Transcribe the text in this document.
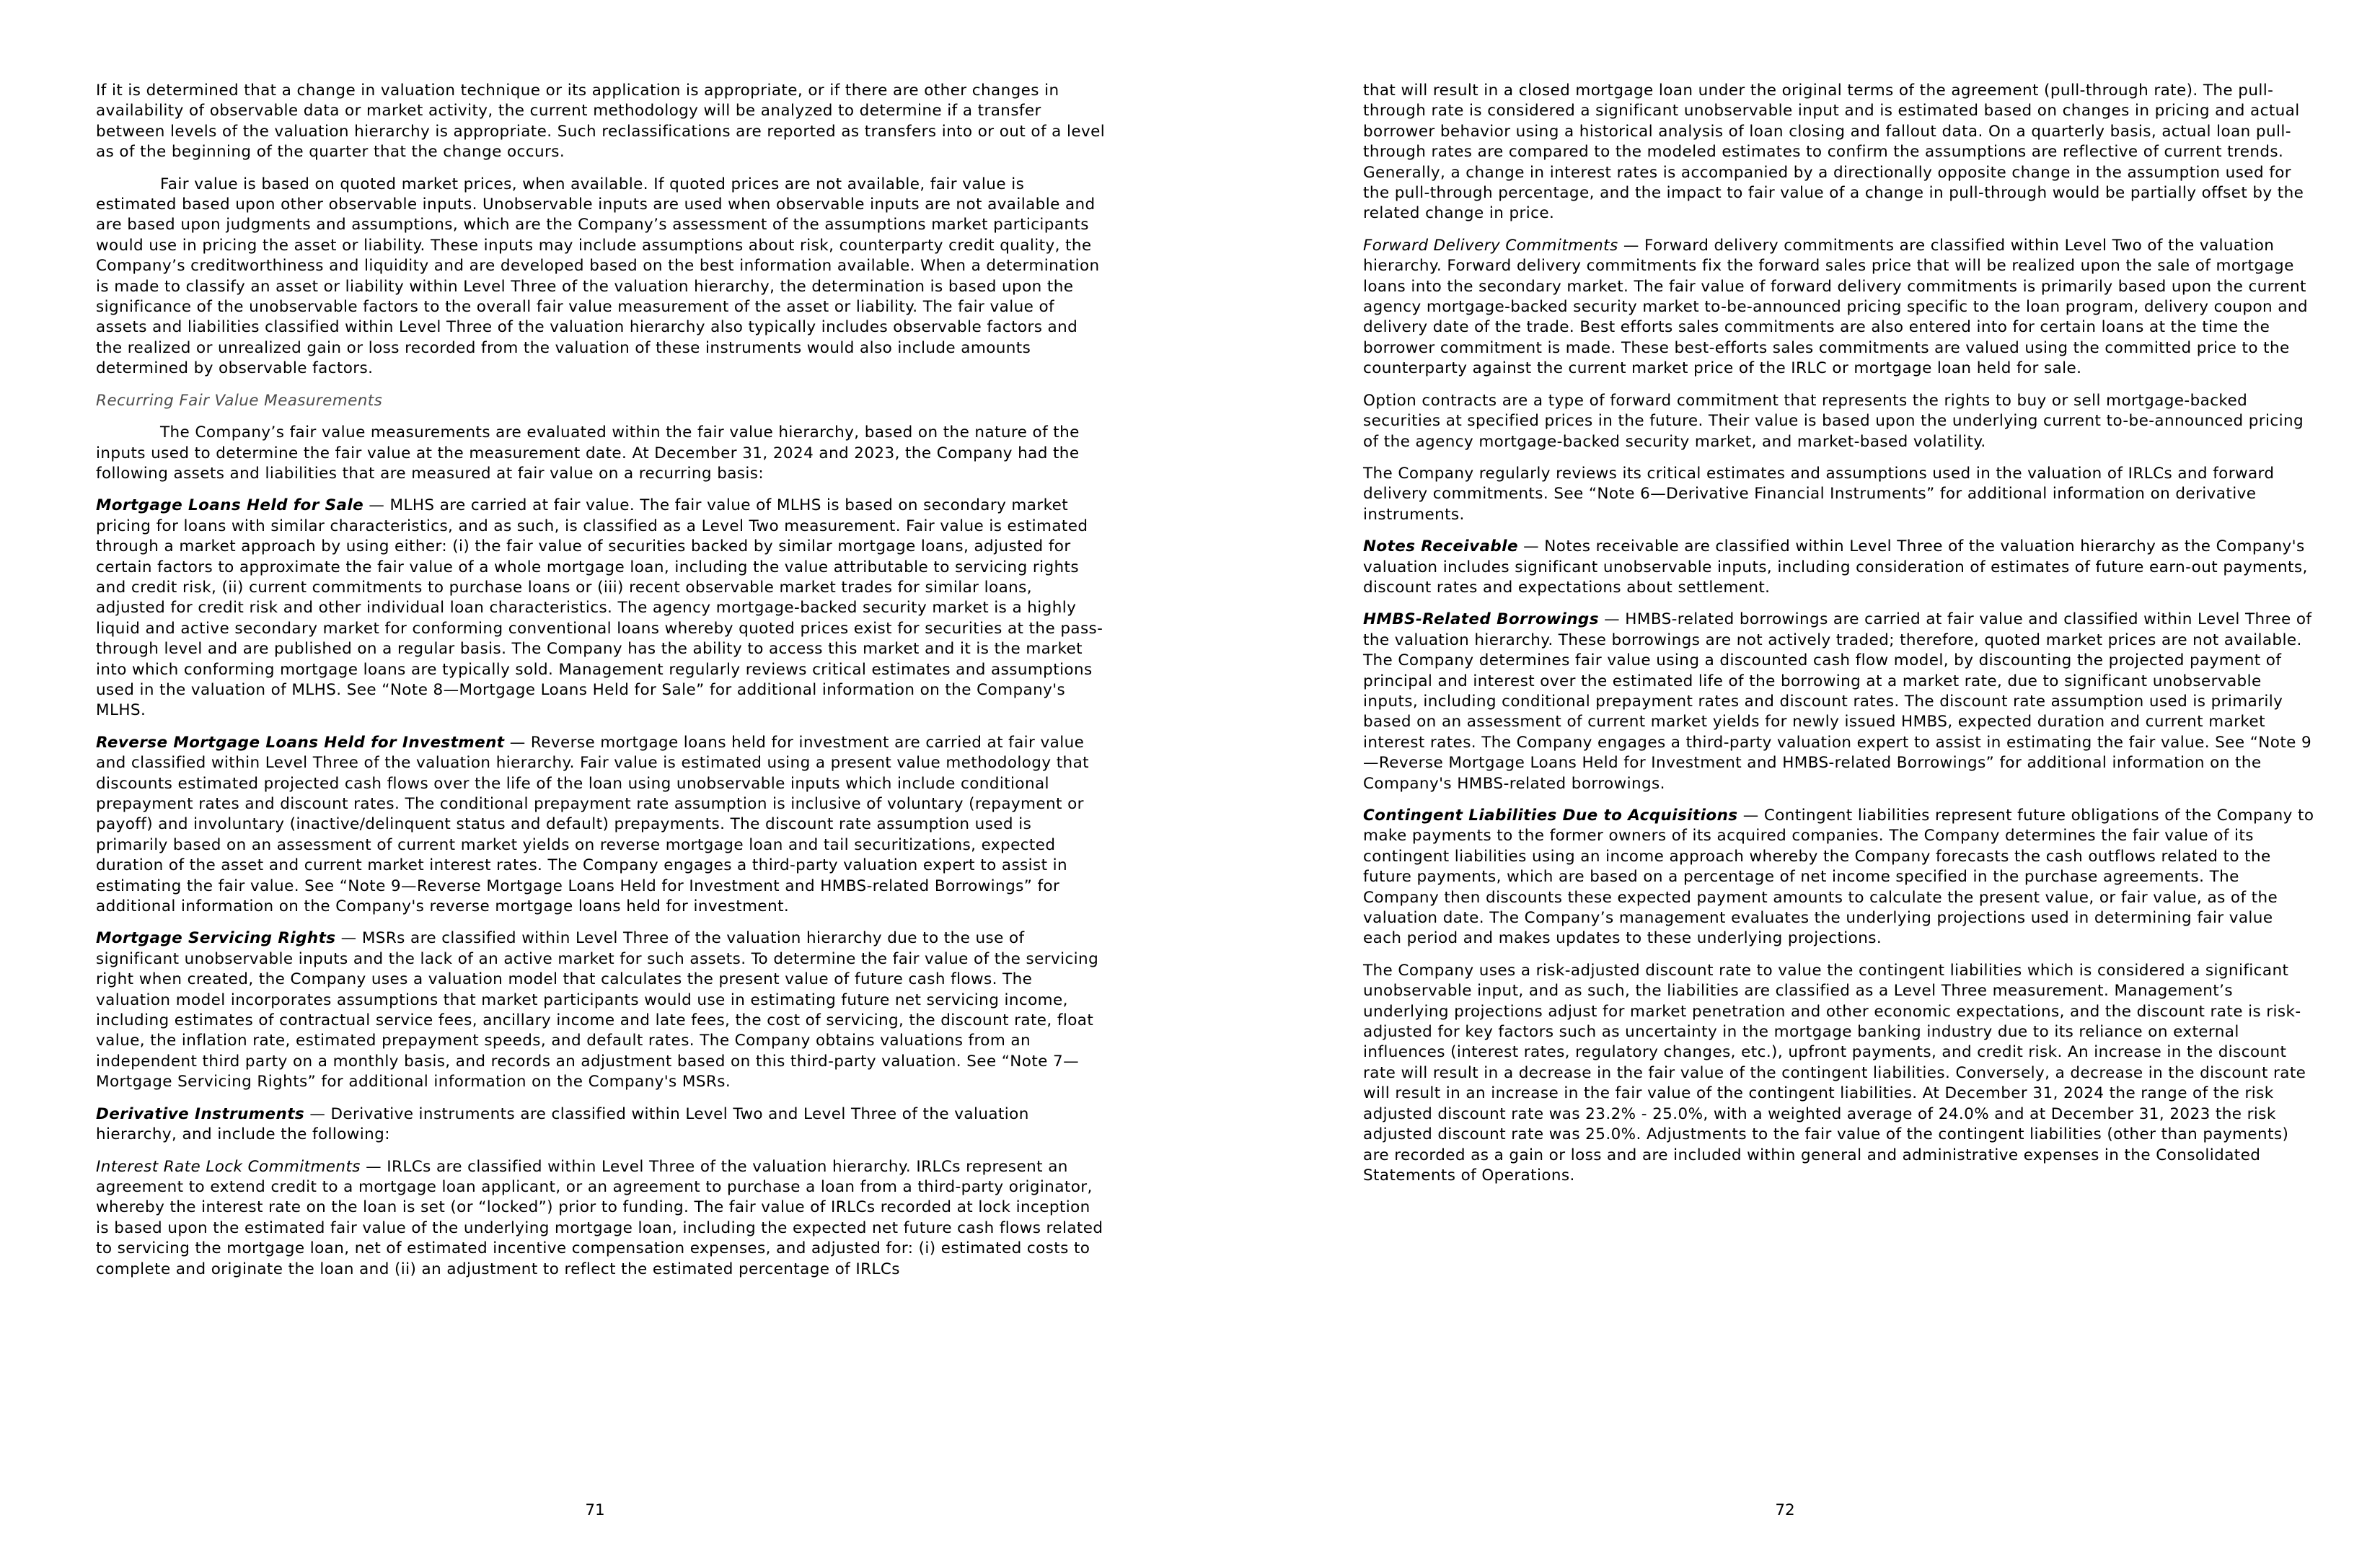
If it is determined that a change in valuation technique or its application is appropriate, or if there are other changes in availability of observable data or market activity, the current methodology will be analyzed to determine if a transfer between levels of the valuation hierarchy is appropriate. Such reclassifications are reported as transfers into or out of a level as of the beginning of the quarter that the change occurs.

Fair value is based on quoted market prices, when available. If quoted prices are not available, fair value is estimated based upon other observable inputs. Unobservable inputs are used when observable inputs are not available and are based upon judgments and assumptions, which are the Company’s assessment of the assumptions market participants would use in pricing the asset or liability. These inputs may include assumptions about risk, counterparty credit quality, the Company’s creditworthiness and liquidity and are developed based on the best information available. When a determination is made to classify an asset or liability within Level Three of the valuation hierarchy, the determination is based upon the significance of the unobservable factors to the overall fair value measurement of the asset or liability. The fair value of assets and liabilities classified within Level Three of the valuation hierarchy also typically includes observable factors and the realized or unrealized gain or loss recorded from the valuation of these instruments would also include amounts determined by observable factors.

Recurring Fair Value Measurements

The Company’s fair value measurements are evaluated within the fair value hierarchy, based on the nature of the inputs used to determine the fair value at the measurement date. At December 31, 2024 and 2023, the Company had the following assets and liabilities that are measured at fair value on a recurring basis:

Mortgage Loans Held for Sale — MLHS are carried at fair value. The fair value of MLHS is based on secondary market pricing for loans with similar characteristics, and as such, is classified as a Level Two measurement. Fair value is estimated through a market approach by using either: (i) the fair value of securities backed by similar mortgage loans, adjusted for certain factors to approximate the fair value of a whole mortgage loan, including the value attributable to servicing rights and credit risk, (ii) current commitments to purchase loans or (iii) recent observable market trades for similar loans, adjusted for credit risk and other individual loan characteristics. The agency mortgage-backed security market is a highly liquid and active secondary market for conforming conventional loans whereby quoted prices exist for securities at the pass-through level and are published on a regular basis. The Company has the ability to access this market and it is the market into which conforming mortgage loans are typically sold. Management regularly reviews critical estimates and assumptions used in the valuation of MLHS. See “Note 8—Mortgage Loans Held for Sale” for additional information on the Company's MLHS.

Reverse Mortgage Loans Held for Investment — Reverse mortgage loans held for investment are carried at fair value and classified within Level Three of the valuation hierarchy. Fair value is estimated using a present value methodology that discounts estimated projected cash flows over the life of the loan using unobservable inputs which include conditional prepayment rates and discount rates. The conditional prepayment rate assumption is inclusive of voluntary (repayment or payoff) and involuntary (inactive/delinquent status and default) prepayments. The discount rate assumption used is primarily based on an assessment of current market yields on reverse mortgage loan and tail securitizations, expected duration of the asset and current market interest rates. The Company engages a third-party valuation expert to assist in estimating the fair value. See “Note 9—Reverse Mortgage Loans Held for Investment and HMBS-related Borrowings” for additional information on the Company's reverse mortgage loans held for investment.

Mortgage Servicing Rights — MSRs are classified within Level Three of the valuation hierarchy due to the use of significant unobservable inputs and the lack of an active market for such assets. To determine the fair value of the servicing right when created, the Company uses a valuation model that calculates the present value of future cash flows. The valuation model incorporates assumptions that market participants would use in estimating future net servicing income, including estimates of contractual service fees, ancillary income and late fees, the cost of servicing, the discount rate, float value, the inflation rate, estimated prepayment speeds, and default rates. The Company obtains valuations from an independent third party on a monthly basis, and records an adjustment based on this third-party valuation. See “Note 7—Mortgage Servicing Rights” for additional information on the Company's MSRs.

Derivative Instruments — Derivative instruments are classified within Level Two and Level Three of the valuation hierarchy, and include the following:

Interest Rate Lock Commitments — IRLCs are classified within Level Three of the valuation hierarchy. IRLCs represent an agreement to extend credit to a mortgage loan applicant, or an agreement to purchase a loan from a third-party originator, whereby the interest rate on the loan is set (or “locked”) prior to funding. The fair value of IRLCs recorded at lock inception is based upon the estimated fair value of the underlying mortgage loan, including the expected net future cash flows related to servicing the mortgage loan, net of estimated incentive compensation expenses, and adjusted for: (i) estimated costs to complete and originate the loan and (ii) an adjustment to reflect the estimated percentage of IRLCs

71

that will result in a closed mortgage loan under the original terms of the agreement (pull-through rate). The pull-through rate is considered a significant unobservable input and is estimated based on changes in pricing and actual borrower behavior using a historical analysis of loan closing and fallout data. On a quarterly basis, actual loan pull-through rates are compared to the modeled estimates to confirm the assumptions are reflective of current trends. Generally, a change in interest rates is accompanied by a directionally opposite change in the assumption used for the pull-through percentage, and the impact to fair value of a change in pull-through would be partially offset by the related change in price.

Forward Delivery Commitments — Forward delivery commitments are classified within Level Two of the valuation hierarchy. Forward delivery commitments fix the forward sales price that will be realized upon the sale of mortgage loans into the secondary market. The fair value of forward delivery commitments is primarily based upon the current agency mortgage-backed security market to-be-announced pricing specific to the loan program, delivery coupon and delivery date of the trade. Best efforts sales commitments are also entered into for certain loans at the time the borrower commitment is made. These best-efforts sales commitments are valued using the committed price to the counterparty against the current market price of the IRLC or mortgage loan held for sale.

Option contracts are a type of forward commitment that represents the rights to buy or sell mortgage-backed securities at specified prices in the future. Their value is based upon the underlying current to-be-announced pricing of the agency mortgage-backed security market, and market-based volatility.

The Company regularly reviews its critical estimates and assumptions used in the valuation of IRLCs and forward delivery commitments. See “Note 6—Derivative Financial Instruments” for additional information on derivative instruments.

Notes Receivable — Notes receivable are classified within Level Three of the valuation hierarchy as the Company's valuation includes significant unobservable inputs, including consideration of estimates of future earn-out payments, discount rates and expectations about settlement.

HMBS-Related Borrowings — HMBS-related borrowings are carried at fair value and classified within Level Three of the valuation hierarchy. These borrowings are not actively traded; therefore, quoted market prices are not available. The Company determines fair value using a discounted cash flow model, by discounting the projected payment of principal and interest over the estimated life of the borrowing at a market rate, due to significant unobservable inputs, including conditional prepayment rates and discount rates. The discount rate assumption used is primarily based on an assessment of current market yields for newly issued HMBS, expected duration and current market interest rates. The Company engages a third-party valuation expert to assist in estimating the fair value. See “Note 9—Reverse Mortgage Loans Held for Investment and HMBS-related Borrowings” for additional information on the Company's HMBS-related borrowings.

Contingent Liabilities Due to Acquisitions — Contingent liabilities represent future obligations of the Company to make payments to the former owners of its acquired companies. The Company determines the fair value of its contingent liabilities using an income approach whereby the Company forecasts the cash outflows related to the future payments, which are based on a percentage of net income specified in the purchase agreements. The Company then discounts these expected payment amounts to calculate the present value, or fair value, as of the valuation date. The Company’s management evaluates the underlying projections used in determining fair value each period and makes updates to these underlying projections.

The Company uses a risk-adjusted discount rate to value the contingent liabilities which is considered a significant unobservable input, and as such, the liabilities are classified as a Level Three measurement. Management’s underlying projections adjust for market penetration and other economic expectations, and the discount rate is risk-adjusted for key factors such as uncertainty in the mortgage banking industry due to its reliance on external influences (interest rates, regulatory changes, etc.), upfront payments, and credit risk. An increase in the discount rate will result in a decrease in the fair value of the contingent liabilities. Conversely, a decrease in the discount rate will result in an increase in the fair value of the contingent liabilities. At December 31, 2024 the range of the risk adjusted discount rate was 23.2% - 25.0%, with a weighted average of 24.0% and at December 31, 2023 the risk adjusted discount rate was 25.0%. Adjustments to the fair value of the contingent liabilities (other than payments) are recorded as a gain or loss and are included within general and administrative expenses in the Consolidated Statements of Operations.

72
